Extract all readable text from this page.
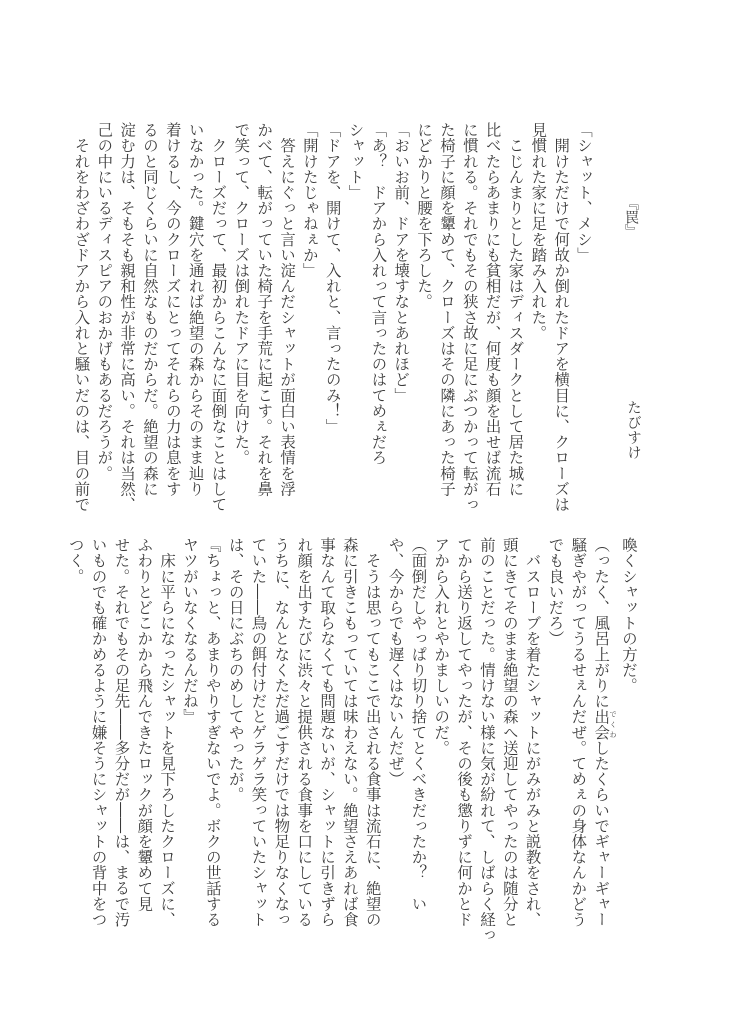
『罠』
たびすけ
「シャット、メシ」
　開けただけで何故か倒れたドアを横目に、クローズは
見慣れた家に足を踏み入れた。
　こじんまりとした家はディスダークとして居た城に
比べたらあまりにも貧相だが、何度も顔を出せば流石
に慣れる。それでもその狭さ故に足にぶつかって転がっ
た椅子に顔を顰めて、クローズはその隣にあった椅子
にどかりと腰を下ろした。
「おいお前、ドアを壊すなとあれほど」
「あ？　ドアから入れって言ったのはてめぇだろ
シャット」
「ドアを、開けて、入れと、言ったのみ！」
「開けたじゃねぇか」
　答えにぐっと言い淀んだシャットが面白い表情を浮
かべて、転がっていた椅子を手荒に起こす。それを鼻
で笑って、クローズは倒れたドアに目を向けた。
　クローズだって、最初からこんなに面倒なことはして
いなかった。鍵穴を通れば絶望の森からそのまま辿り
着けるし、今のクローズにとってそれらの力は息をす
るのと同じくらいに自然なものだからだ。絶望の森に
淀む力は、そもそも親和性が非常に高い。それは当然、
己の中にいるディスピアのおかげもあるだろうが。
　それをわざわざドアから入れと騒いだのは、目の前で
喚くシャットの方だ。
（ったく、風呂上がりに出会 でくわしたくらいでギャーギャー
騒ぎやがってうるせぇんだぜ。てめぇの身体なんかどう
でも良いだろ）
　バスローブを着たシャットにがみがみと説教をされ、
頭にきてそのまま絶望の森へ送迎してやったのは随分と
前のことだった。情けない様に気が紛れて、しばらく経っ
てから送り返してやったが、その後も懲りずに何かとド
アから入れとやかましいのだ。
（面倒だしやっぱり切り捨てとくべきだったか？　い
や、今からでも遅くはないんだぜ）
　そうは思ってもここで出される食事は流石に、絶望の
森に引きこもっていては味わえない。絶望さえあれば食
事なんて取らなくても問題ないが、シャットに引きずら
れ顔を出すたびに渋々と提供される食事を口にしている
うちに、なんとなくただ過ごすだけでは物足りなくなっ
ていた――鳥の餌付けだとゲラゲラ笑っていたシャット
は、その日にぶちのめしてやったが。
『ちょっと、あまりやりすぎないでよ。ボクの世話する
ヤツがいなくなるんだね』
　床に平らになったシャットを見下ろしたクローズに、
ふわりとどこかから飛んできたロックが顔を顰めて見
せた。それでもその足先――多分だが――は、まるで汚
いものでも確かめるように嫌そうにシャットの背中をつ
つく。
